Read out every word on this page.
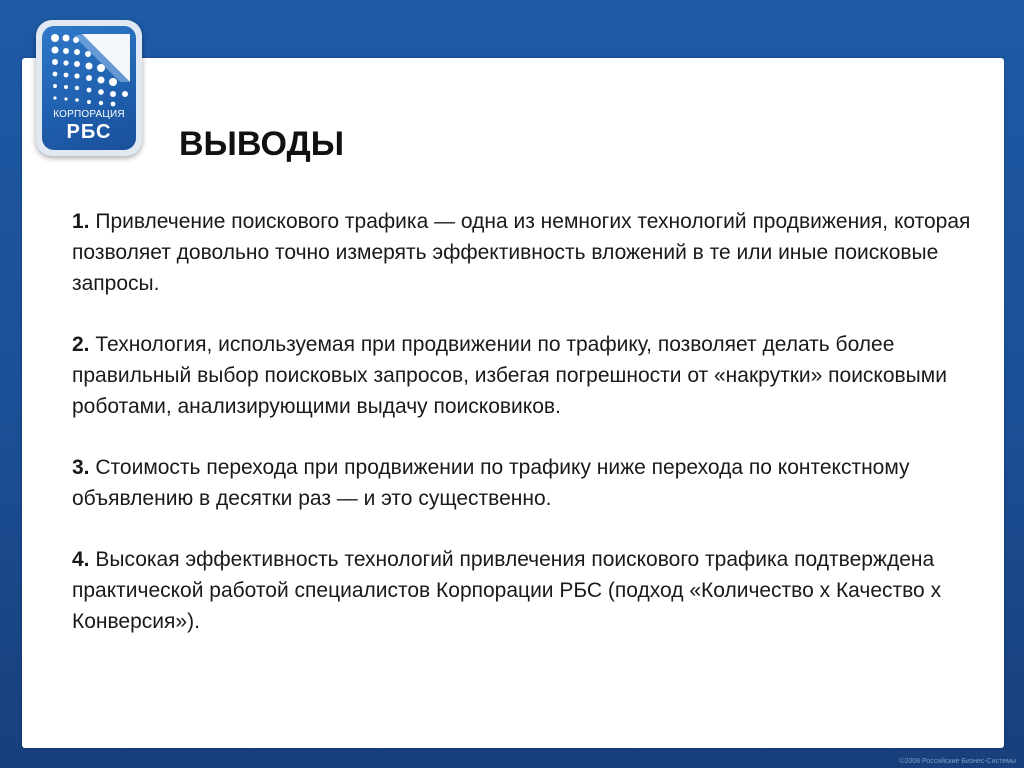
КОРПОРАЦИЯ
РБС	ВЫВОДЫ

1. Привлечение поискового трафика — одна из немногих технологий продвижения, которая позволяет довольно точно измерять эффективность вложений в те или иные поисковые запросы.

2. Технология, используемая при продвижении по трафику, позволяет делать более правильный выбор поисковых запросов, избегая погрешности от «накрутки» поисковыми роботами, анализирующими выдачу поисковиков.

3. Стоимость перехода при продвижении по трафику ниже перехода по контекстному объявлению в десятки раз — и это существенно.

4. Высокая эффективность технологий привлечения поискового трафика подтверждена практической работой специалистов Корпорации РБС (подход «Количество х Качество х Конверсия»).

©2008 Российские Бизнес-Системы
